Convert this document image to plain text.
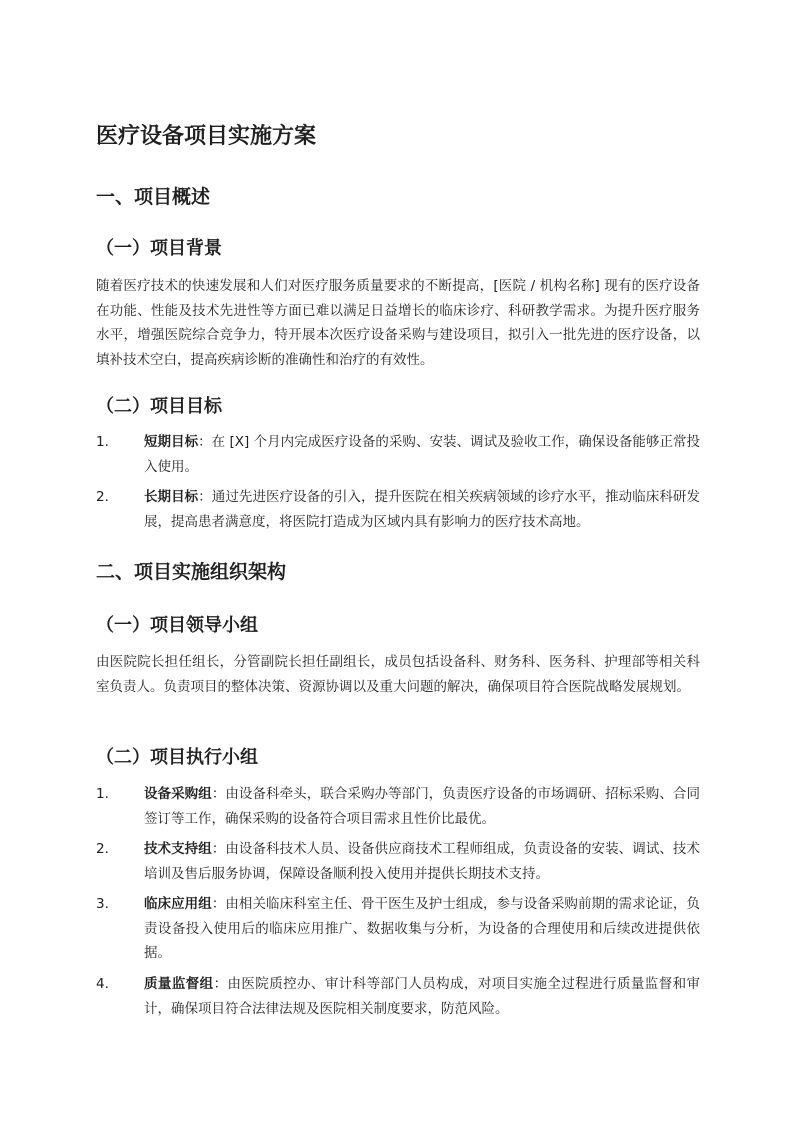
医疗设备项目实施方案
一、项目概述
（一）项目背景

随着医疗技术的快速发展和人们对医疗服务质量要求的不断提高，[医院 / 机构名称] 现有的医疗设备在功能、性能及技术先进性等方面已难以满足日益增长的临床诊疗、科研教学需求。为提升医疗服务水平，增强医院综合竞争力，特开展本次医疗设备采购与建设项目，拟引入一批先进的医疗设备，以填补技术空白，提高疾病诊断的准确性和治疗的有效性。

（二）项目目标
1.	短期目标：在 [X] 个月内完成医疗设备的采购、安装、调试及验收工作，确保设备能够正常投入使用。
2.	长期目标：通过先进医疗设备的引入，提升医院在相关疾病领域的诊疗水平，推动临床科研发展，提高患者满意度，将医院打造成为区域内具有影响力的医疗技术高地。
二、项目实施组织架构
（一）项目领导小组

由医院院长担任组长，分管副院长担任副组长，成员包括设备科、财务科、医务科、护理部等相关科室负责人。负责项目的整体决策、资源协调以及重大问题的解决，确保项目符合医院战略发展规划。

（二）项目执行小组
1.	设备采购组：由设备科牵头，联合采购办等部门，负责医疗设备的市场调研、招标采购、合同签订等工作，确保采购的设备符合项目需求且性价比最优。
2.	技术支持组：由设备科技术人员、设备供应商技术工程师组成，负责设备的安装、调试、技术培训及售后服务协调，保障设备顺利投入使用并提供长期技术支持。
3.	临床应用组：由相关临床科室主任、骨干医生及护士组成，参与设备采购前期的需求论证，负责设备投入使用后的临床应用推广、数据收集与分析，为设备的合理使用和后续改进提供依据。
4.	质量监督组：由医院质控办、审计科等部门人员构成，对项目实施全过程进行质量监督和审计，确保项目符合法律法规及医院相关制度要求，防范风险。
